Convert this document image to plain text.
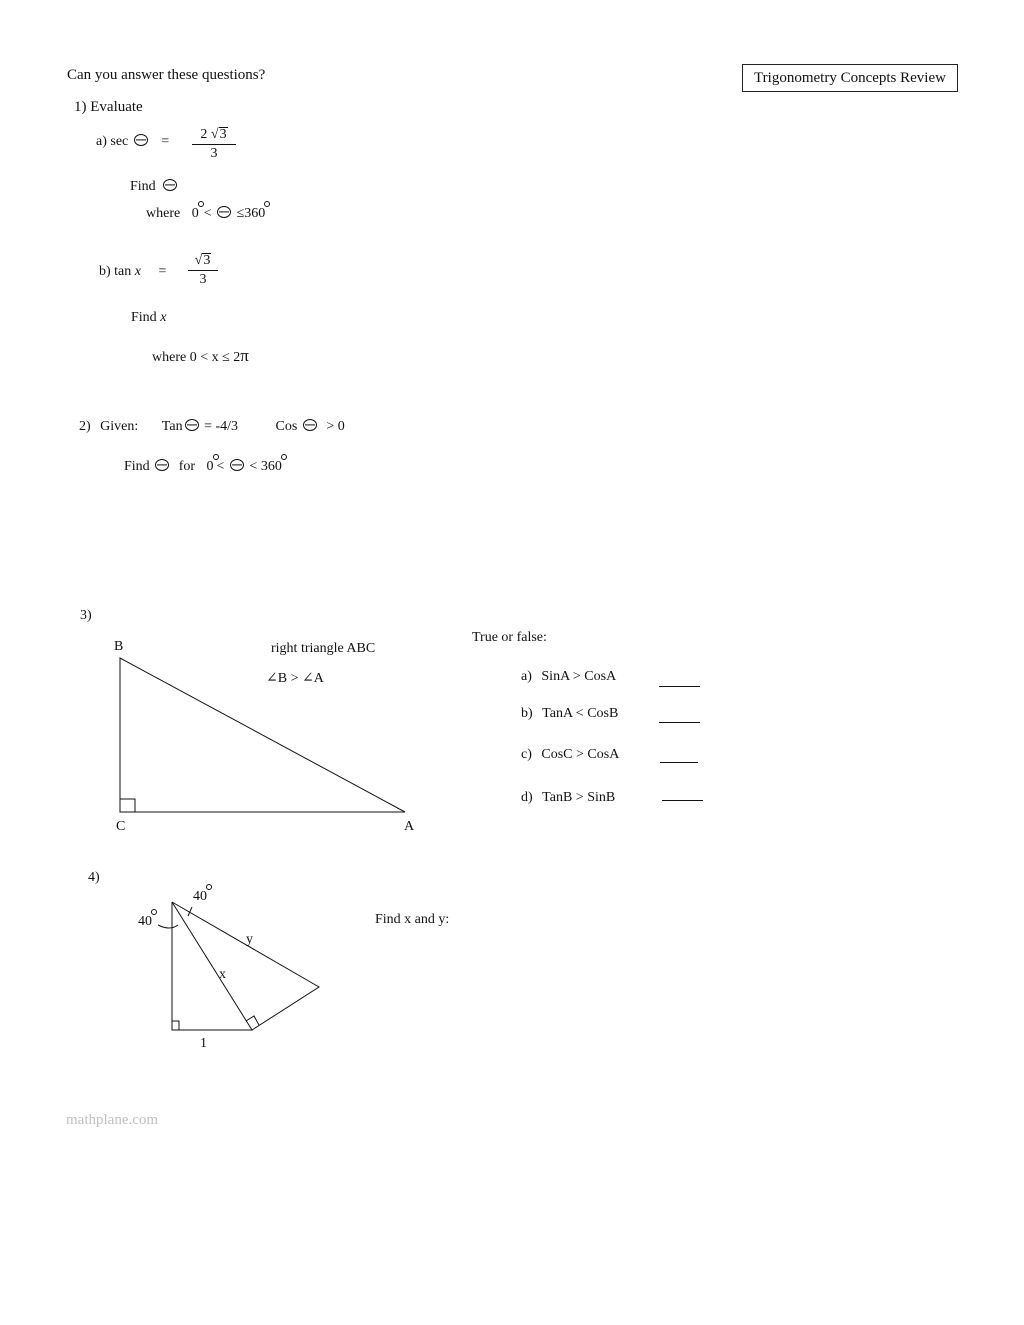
Can you answer these questions?	Trigonometry Concepts Review
1) Evaluate
a) sec =	2 √3
3
Find
where 0 < ≤360
b) tan x =
√3
3
Find x
where 0 < x ≤ 2π
2) Given: Tan = -4/3	Cos > 0
Find for 0 < < 360
3)
B
C	A
right triangle ABC
∠B > ∠A
True or false:
a) SinA > CosA
b) TanA < CosB
c) CosC > CosA
d) TanB > SinB
4)
40
40
y
x
1
Find x and y:
mathplane.com
